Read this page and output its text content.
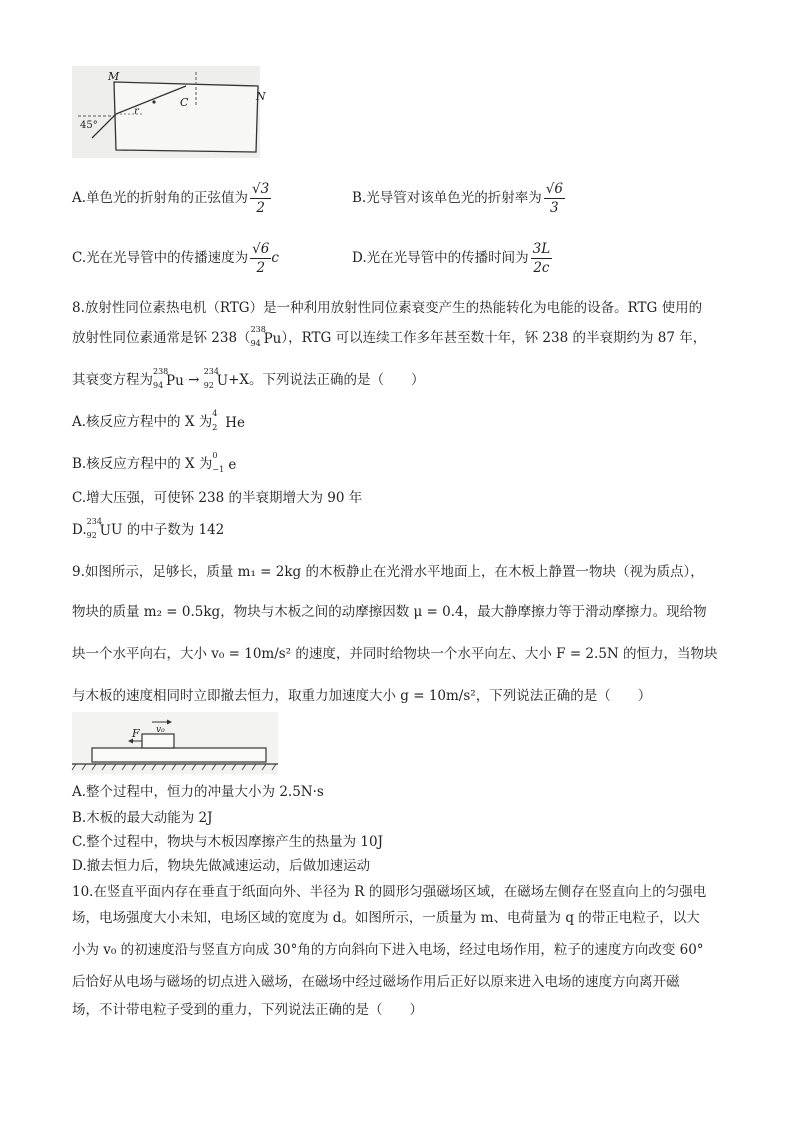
M
N
C
45°
r
A.单色光的折射角的正弦值为 $\frac{√3}{2}$	B.光导管对该单色光的折射率为 $\frac{√6}{3}$
C.光在光导管中的传播速度为 $\frac{√6}{2}$ c	D.光在光导管中的传播时间为 $\frac{3L}{2c}$
8.放射性同位素热电机（RTG）是一种利用放射性同位素衰变产生的热能转化为电能的设备。RTG 使用的
放射性同位素通常是钚 238（
238
94 Pu），RTG 可以连续工作多年甚至数十年，钚 238 的半衰期约为 87 年，
其衰变方程为
238
94 Pu →
234
92 U+X。下列说法正确的是（　　）
A.核反应方程中的 X 为
4
2 He
B.核反应方程中的 X 为
0
−1 e
C.增大压强，可使钚 238 的半衰期增大为 90 年
D.
234
92 UU 的中子数为 142
9.如图所示，足够长，质量 m₁ = 2kg 的木板静止在光滑水平地面上，在木板上静置一物块（视为质点），
物块的质量 m₂ = 0.5kg，物块与木板之间的动摩擦因数 μ = 0.4，最大静摩擦力等于滑动摩擦力。现给物
块一个水平向右，大小 v₀ = 10m/s² 的速度，并同时给物块一个水平向左、大小 F = 2.5N 的恒力，当物块
与木板的速度相同时立即撤去恒力，取重力加速度大小 g = 10m/s²，下列说法正确的是（　　）
F v₀
A.整个过程中，恒力的冲量大小为 2.5N·s
B.木板的最大动能为 2J
C.整个过程中，物块与木板因摩擦产生的热量为 10J
D.撤去恒力后，物块先做减速运动，后做加速运动
10.在竖直平面内存在垂直于纸面向外、半径为 R 的圆形匀强磁场区域，在磁场左侧存在竖直向上的匀强电
场，电场强度大小未知，电场区域的宽度为 d。如图所示，一质量为 m、电荷量为 q 的带正电粒子，以大
小为 v₀ 的初速度沿与竖直方向成 30°角的方向斜向下进入电场，经过电场作用，粒子的速度方向改变 60°
后恰好从电场与磁场的切点进入磁场，在磁场中经过磁场作用后正好以原来进入电场的速度方向离开磁
场，不计带电粒子受到的重力，下列说法正确的是（　　）
